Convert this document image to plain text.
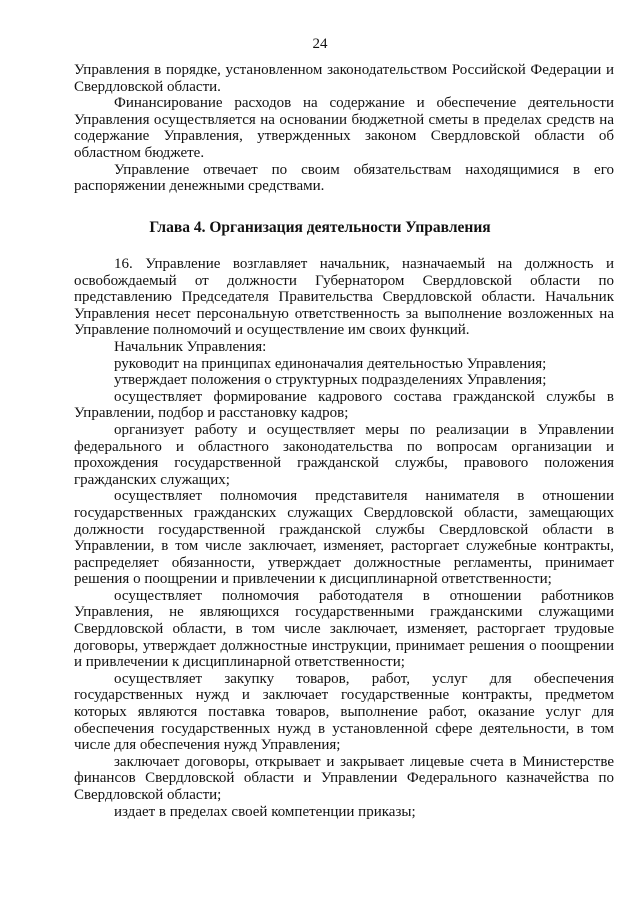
24

Управления в порядке, установленном законодательством Российской Федерации и Свердловской области.

Финансирование расходов на содержание и обеспечение деятельности Управления осуществляется на основании бюджетной сметы в пределах средств на содержание Управления, утвержденных законом Свердловской области об областном бюджете.

Управление отвечает по своим обязательствам находящимися в его распоряжении денежными средствами.

Глава 4. Организация деятельности Управления

16. Управление возглавляет начальник, назначаемый на должность и освобождаемый от должности Губернатором Свердловской области по представлению Председателя Правительства Свердловской области. Начальник Управления несет персональную ответственность за выполнение возложенных на Управление полномочий и осуществление им своих функций.

Начальник Управления:

руководит на принципах единоначалия деятельностью Управления;

утверждает положения о структурных подразделениях Управления;

осуществляет формирование кадрового состава гражданской службы в Управлении, подбор и расстановку кадров;

организует работу и осуществляет меры по реализации в Управлении федерального и областного законодательства по вопросам организации и прохождения государственной гражданской службы, правового положения гражданских служащих;

осуществляет полномочия представителя нанимателя в отношении государственных гражданских служащих Свердловской области, замещающих должности государственной гражданской службы Свердловской области в Управлении, в том числе заключает, изменяет, расторгает служебные контракты, распределяет обязанности, утверждает должностные регламенты, принимает решения о поощрении и привлечении к дисциплинарной ответственности;

осуществляет полномочия работодателя в отношении работников Управления, не являющихся государственными гражданскими служащими Свердловской области, в том числе заключает, изменяет, расторгает трудовые договоры, утверждает должностные инструкции, принимает решения о поощрении и привлечении к дисциплинарной ответственности;

осуществляет закупку товаров, работ, услуг для обеспечения государственных нужд и заключает государственные контракты, предметом которых являются поставка товаров, выполнение работ, оказание услуг для обеспечения государственных нужд в установленной сфере деятельности, в том числе для обеспечения нужд Управления;

заключает договоры, открывает и закрывает лицевые счета в Министерстве финансов Свердловской области и Управлении Федерального казначейства по Свердловской области;

издает в пределах своей компетенции приказы;
